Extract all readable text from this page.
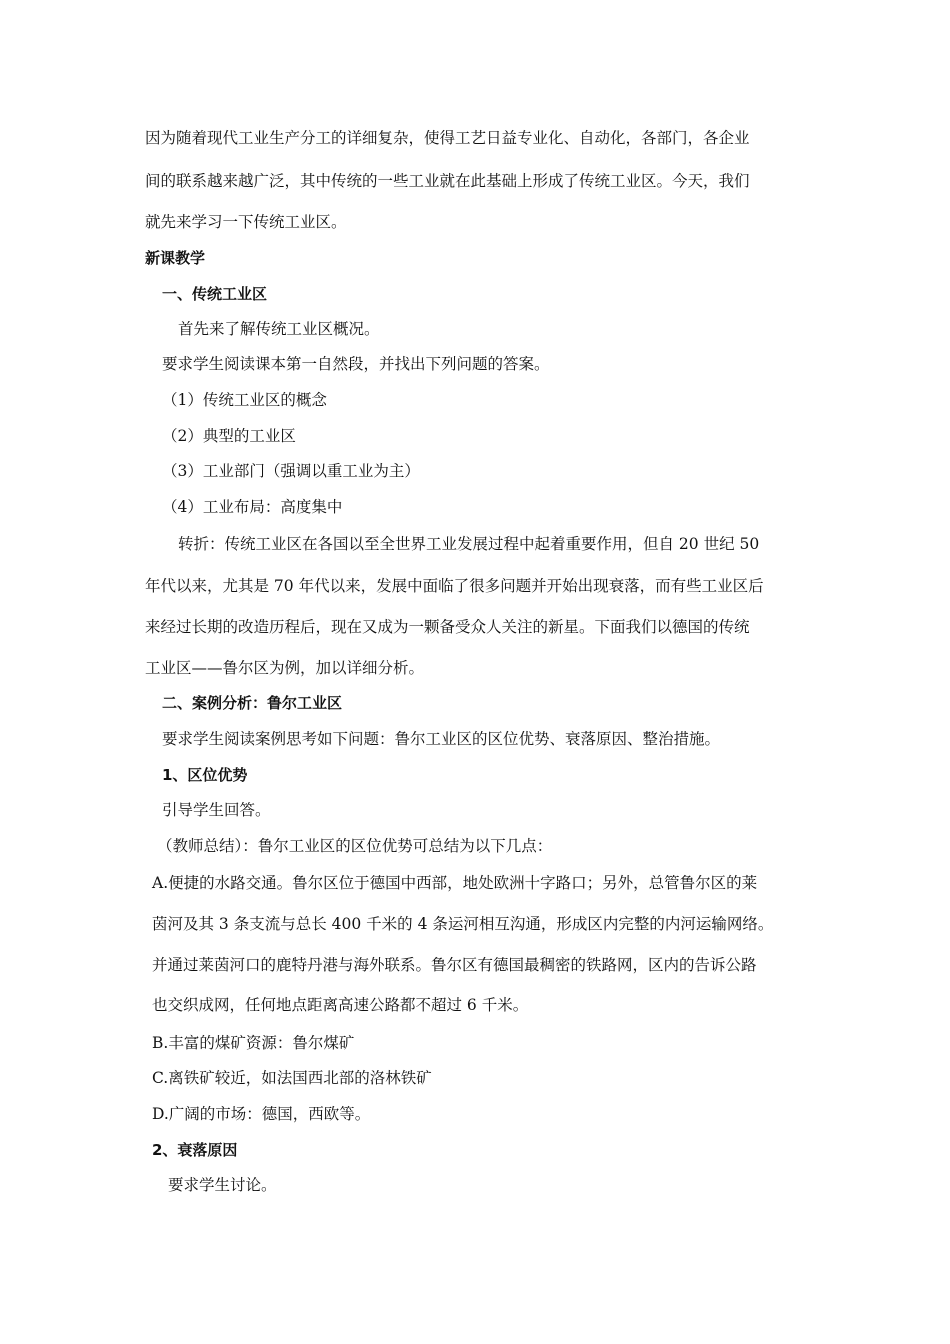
因为随着现代工业生产分工的详细复杂，使得工艺日益专业化、自动化，各部门，各企业
间的联系越来越广泛，其中传统的一些工业就在此基础上形成了传统工业区。今天，我们
就先来学习一下传统工业区。
新课教学
一、传统工业区
首先来了解传统工业区概况。
要求学生阅读课本第一自然段，并找出下列问题的答案。
（1）传统工业区的概念
（2）典型的工业区
（3）工业部门（强调以重工业为主）
（4）工业布局：高度集中
转折：传统工业区在各国以至全世界工业发展过程中起着重要作用，但自 20 世纪 50
年代以来，尤其是 70 年代以来，发展中面临了很多问题并开始出现衰落，而有些工业区后
来经过长期的改造历程后，现在又成为一颗备受众人关注的新星。下面我们以德国的传统
工业区——鲁尔区为例，加以详细分析。
二、案例分析：鲁尔工业区
要求学生阅读案例思考如下问题：鲁尔工业区的区位优势、衰落原因、整治措施。
1、区位优势
引导学生回答。
（教师总结）：鲁尔工业区的区位优势可总结为以下几点：
A.便捷的水路交通。鲁尔区位于德国中西部，地处欧洲十字路口；另外，总管鲁尔区的莱
茵河及其 3 条支流与总长 400 千米的 4 条运河相互沟通，形成区内完整的内河运输网络。
并通过莱茵河口的鹿特丹港与海外联系。鲁尔区有德国最稠密的铁路网，区内的告诉公路
也交织成网，任何地点距离高速公路都不超过 6 千米。
B.丰富的煤矿资源：鲁尔煤矿
C.离铁矿较近，如法国西北部的洛林铁矿
D.广阔的市场：德国，西欧等。
2、衰落原因
要求学生讨论。
